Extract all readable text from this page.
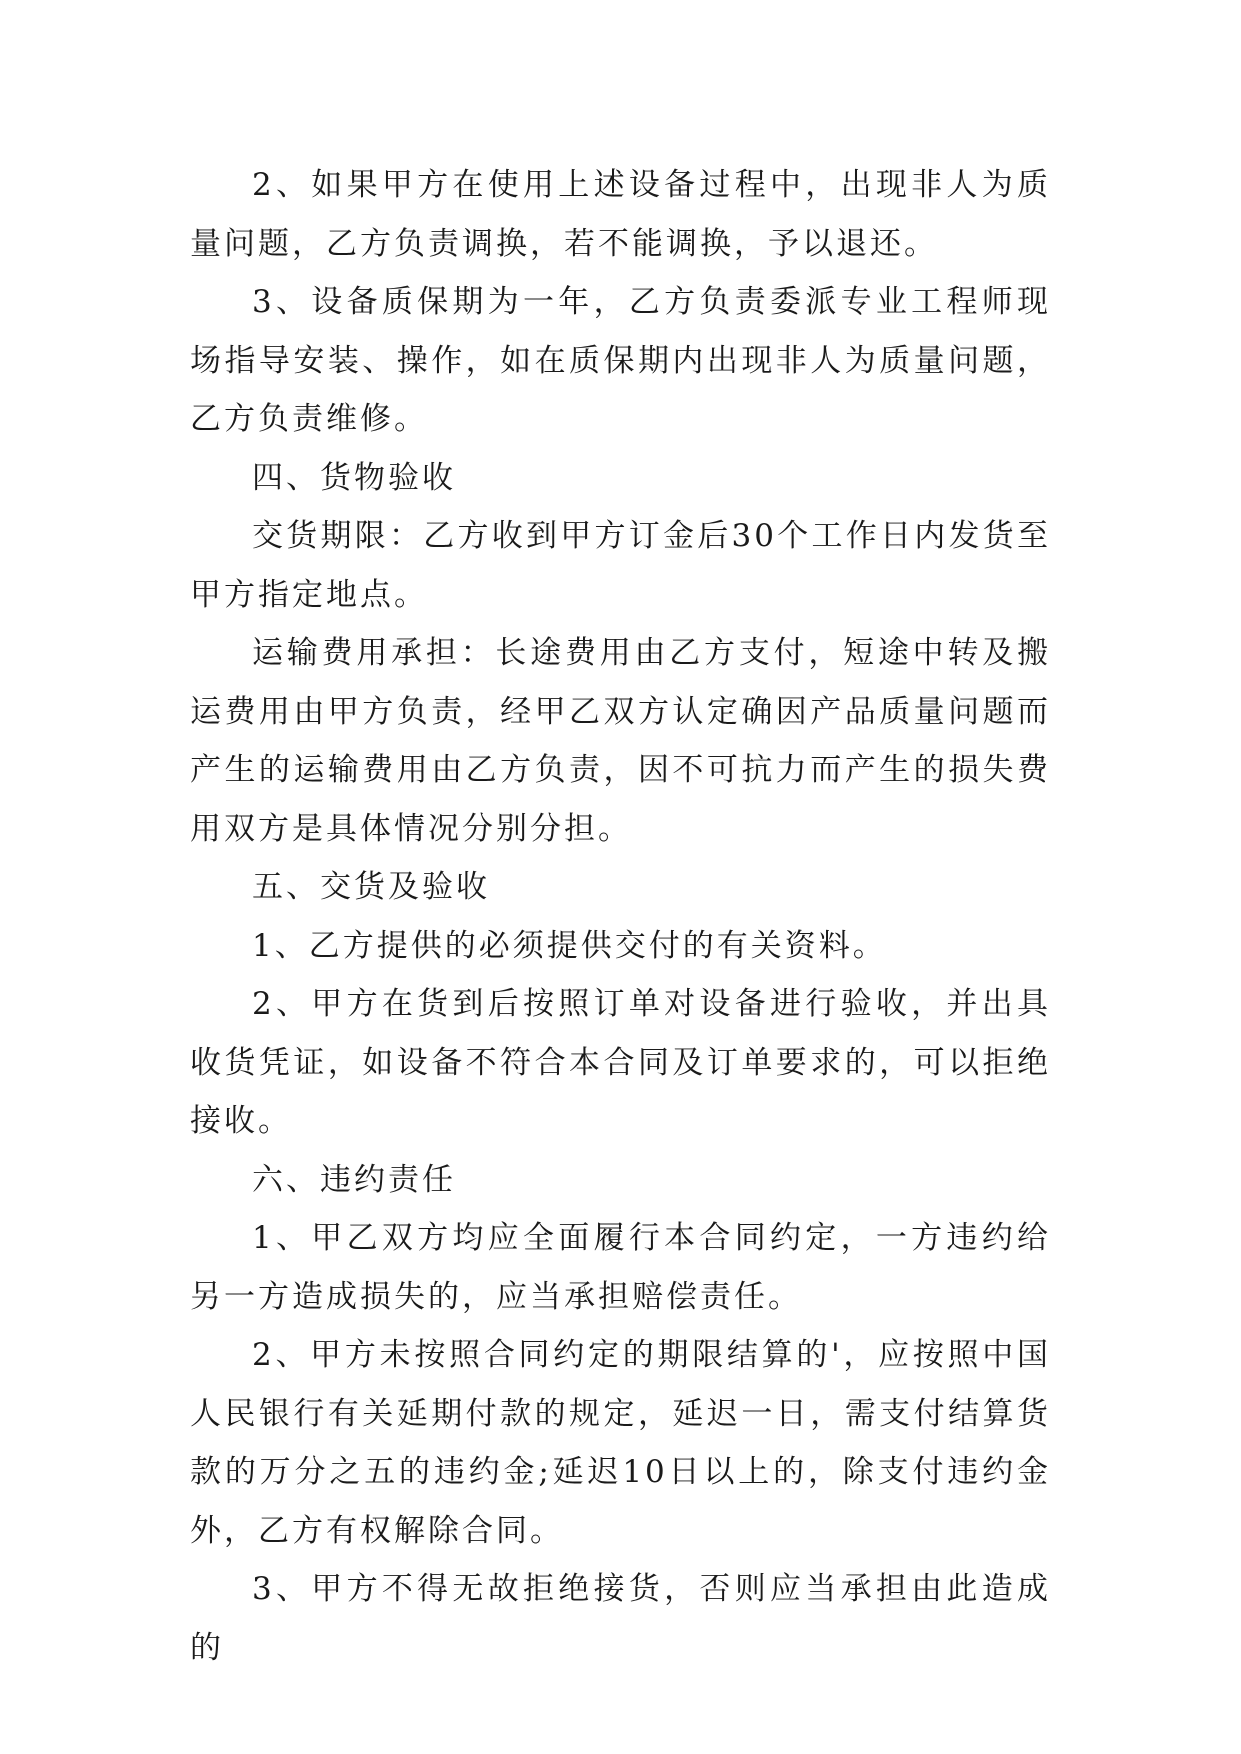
2、如果甲方在使用上述设备过程中，出现非人为质量问题，乙方负责调换，若不能调换，予以退还。

3、设备质保期为一年，乙方负责委派专业工程师现场指导安装、操作，如在质保期内出现非人为质量问题，乙方负责维修。

四、货物验收

交货期限：乙方收到甲方订金后30个工作日内发货至甲方指定地点。

运输费用承担：长途费用由乙方支付，短途中转及搬运费用由甲方负责，经甲乙双方认定确因产品质量问题而产生的运输费用由乙方负责，因不可抗力而产生的损失费用双方是具体情况分别分担。

五、交货及验收

1、乙方提供的必须提供交付的有关资料。

2、甲方在货到后按照订单对设备进行验收，并出具收货凭证，如设备不符合本合同及订单要求的，可以拒绝接收。

六、违约责任

1、甲乙双方均应全面履行本合同约定，一方违约给另一方造成损失的，应当承担赔偿责任。

2、甲方未按照合同约定的期限结算的'，应按照中国人民银行有关延期付款的规定，延迟一日，需支付结算货款的万分之五的违约金;延迟10日以上的，除支付违约金外，乙方有权解除合同。

3、甲方不得无故拒绝接货，否则应当承担由此造成的
